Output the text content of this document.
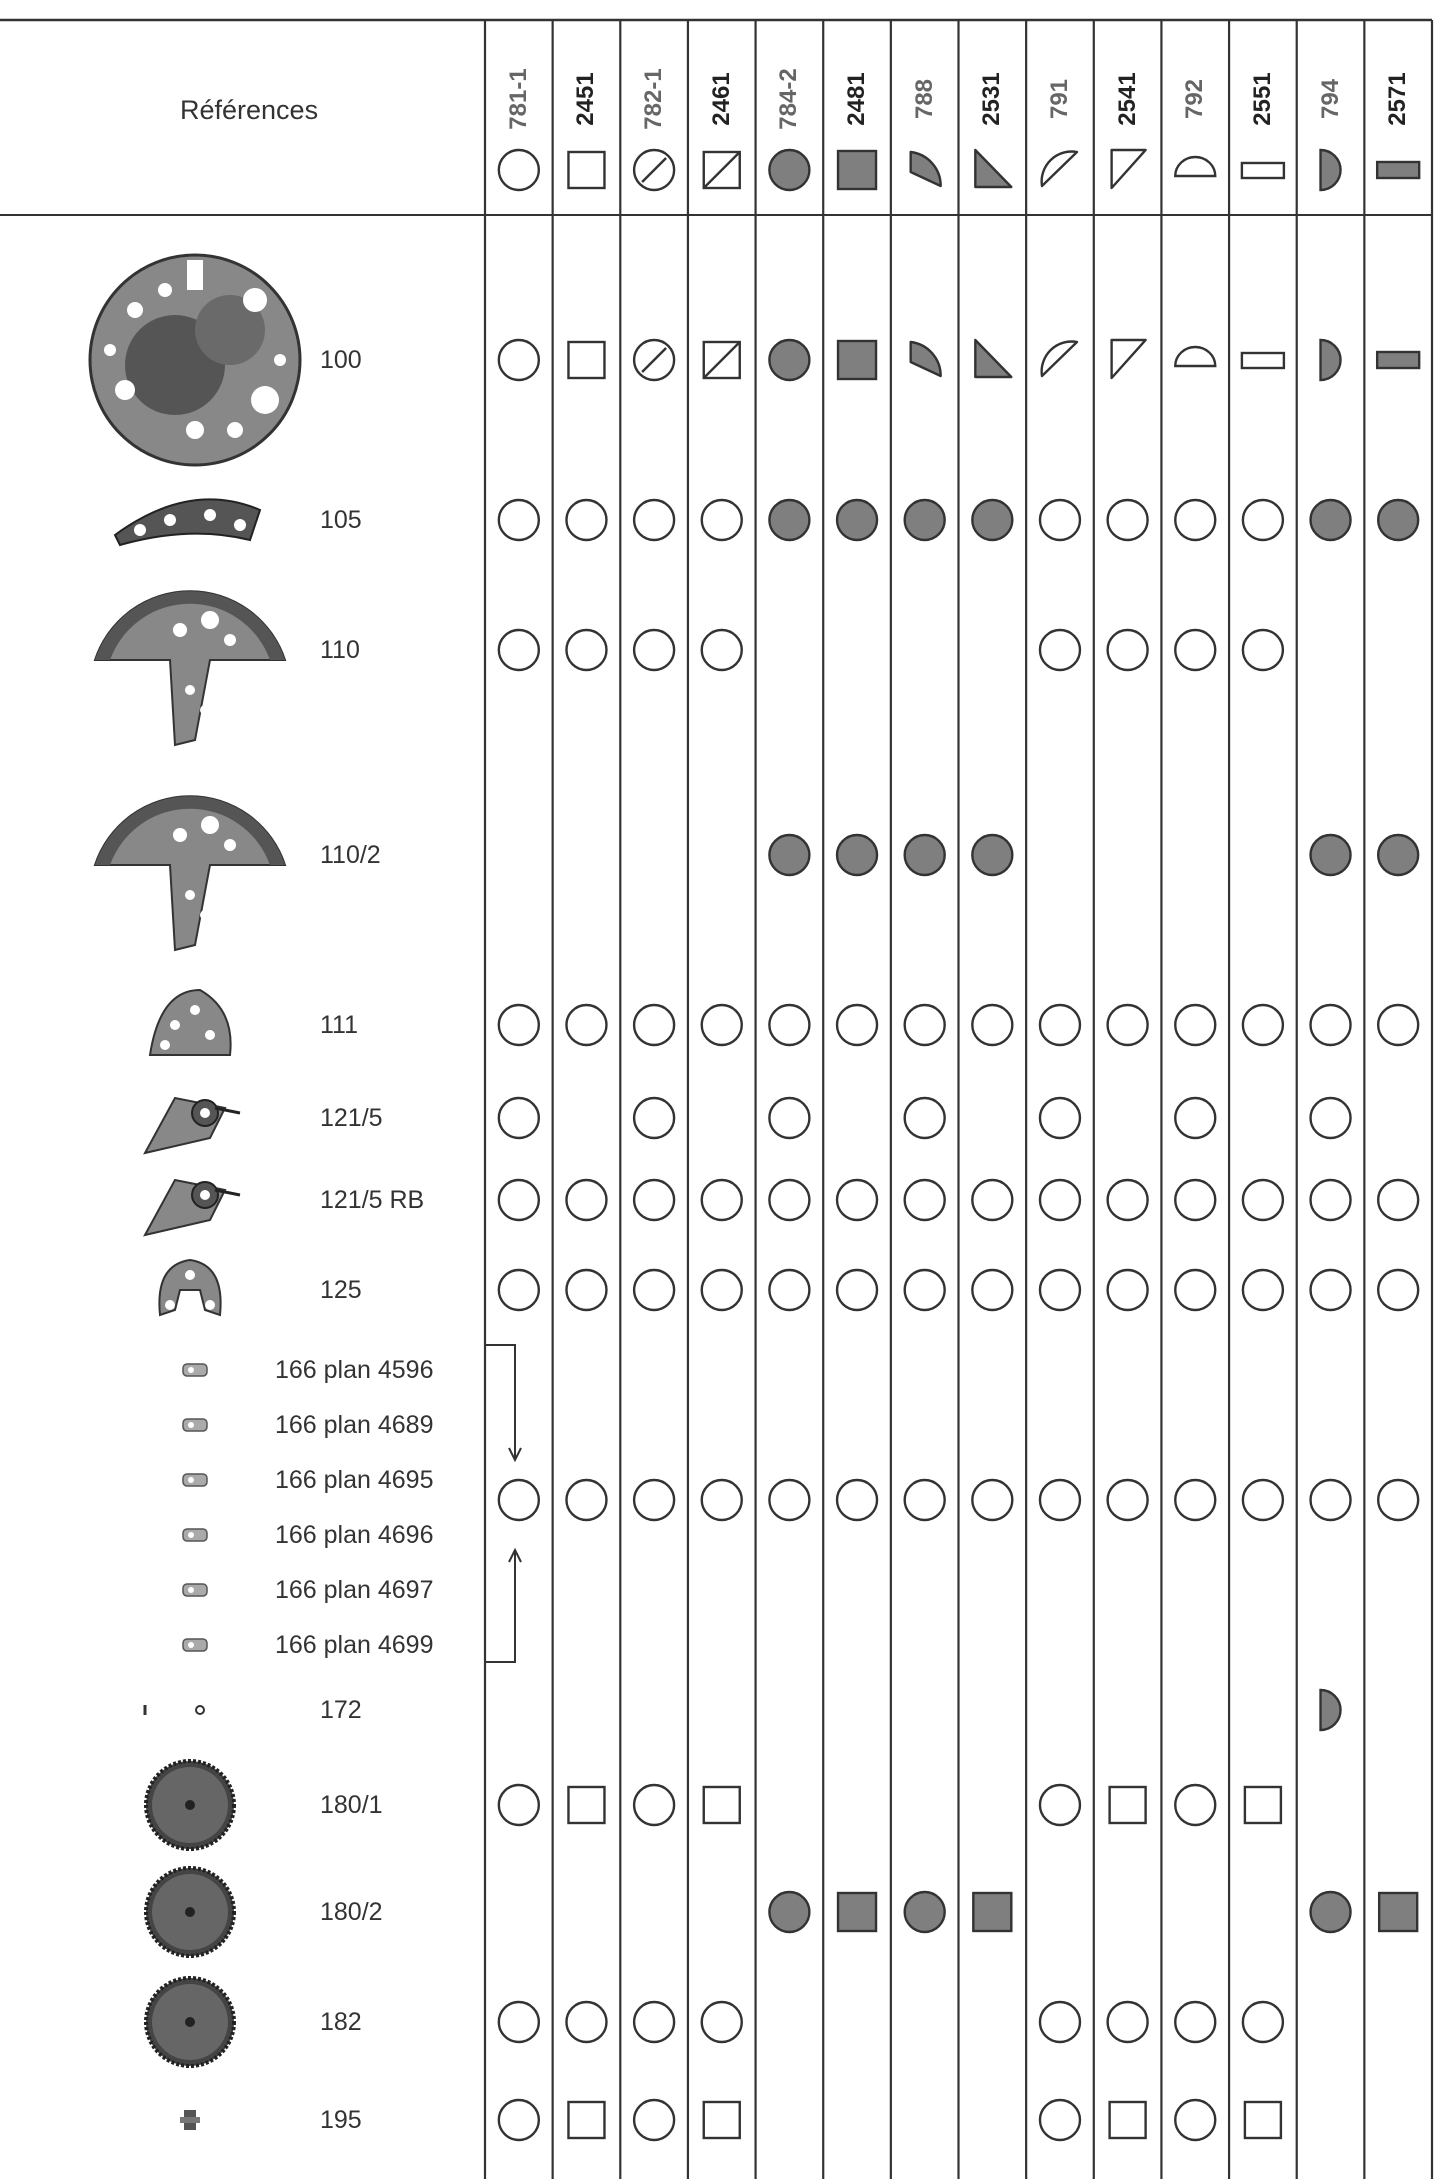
Références	781-1 2451 782-1 2461 784-2 2481 788 2531 791 2541 792 2551 794 2571
100
105
110
110/2
111
121/5
121/5 RB
125
166 plan 4596
166 plan 4689
166 plan 4695
166 plan 4696
166 plan 4697
166 plan 4699
172
180/1
180/2
182
195
